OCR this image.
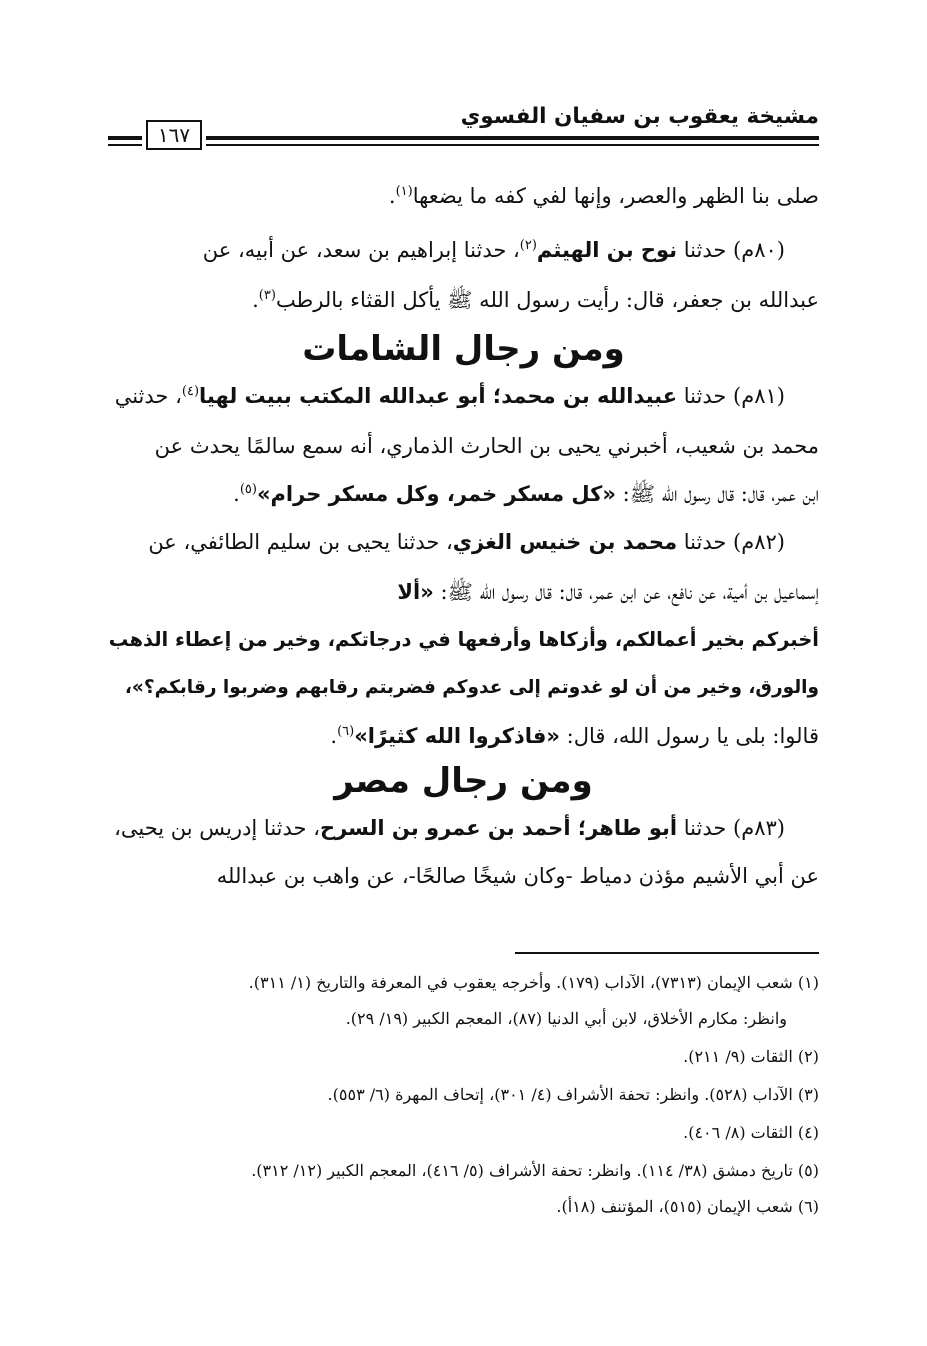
مشيخة يعقوب بن سفيان الفسوي
١٦٧
صلى بنا الظهر والعصر، وإنها لفي كفه ما يضعها$^{(١)}$.
(٨٠م) حدثنا نوح بن الهيثم$^{(٢)}$، حدثنا إبراهيم بن سعد، عن أبيه، عن
عبدالله بن جعفر، قال: رأيت رسول الله ﷺ يأكل القثاء بالرطب$^{(٣)}$.
ومن رجال الشامات
(٨١م) حدثنا عبيدالله بن محمد؛ أبو عبدالله المكتب ببيت لهيا$^{(٤)}$، حدثني
محمد بن شعيب، أخبرني يحيى بن الحارث الذماري، أنه سمع سالمًا يحدث عن
ابن عمر، قال: قال رسول الله ﷺ: «كل مسكر خمر، وكل مسكر حرام»$^{(٥)}$.
(٨٢م) حدثنا محمد بن خنيس الغزي، حدثنا يحيى بن سليم الطائفي، عن
إسماعيل بن أمية، عن نافع، عن ابن عمر، قال: قال رسول الله ﷺ: «ألا
أخبركم بخير أعمالكم، وأزكاها وأرفعها في درجاتكم، وخير من إعطاء الذهب
والورق، وخير من أن لو غدوتم إلى عدوكم فضربتم رقابهم وضربوا رقابكم؟»،
قالوا: بلى يا رسول الله، قال: «فاذكروا الله كثيرًا»$^{(٦)}$.
ومن رجال مصر
(٨٣م) حدثنا أبو طاهر؛ أحمد بن عمرو بن السرح، حدثنا إدريس بن يحيى،
عن أبي الأشيم مؤذن دمياط -وكان شيخًا صالحًا-، عن واهب بن عبدالله
(١) شعب الإيمان (٧٣١٣)، الآداب (١٧٩). وأخرجه يعقوب في المعرفة والتاريخ (١/ ٣١١).
وانظر: مكارم الأخلاق، لابن أبي الدنيا (٨٧)، المعجم الكبير (١٩/ ٢٩).
(٢) الثقات (٩/ ٢١١).
(٣) الآداب (٥٢٨). وانظر: تحفة الأشراف (٤/ ٣٠١)، إتحاف المهرة (٦/ ٥٥٣).
(٤) الثقات (٨/ ٤٠٦).
(٥) تاريخ دمشق (٣٨/ ١١٤). وانظر: تحفة الأشراف (٥/ ٤١٦)، المعجم الكبير (١٢/ ٣١٢).
(٦) شعب الإيمان (٥١٥)، المؤتنف (١٨أ).
